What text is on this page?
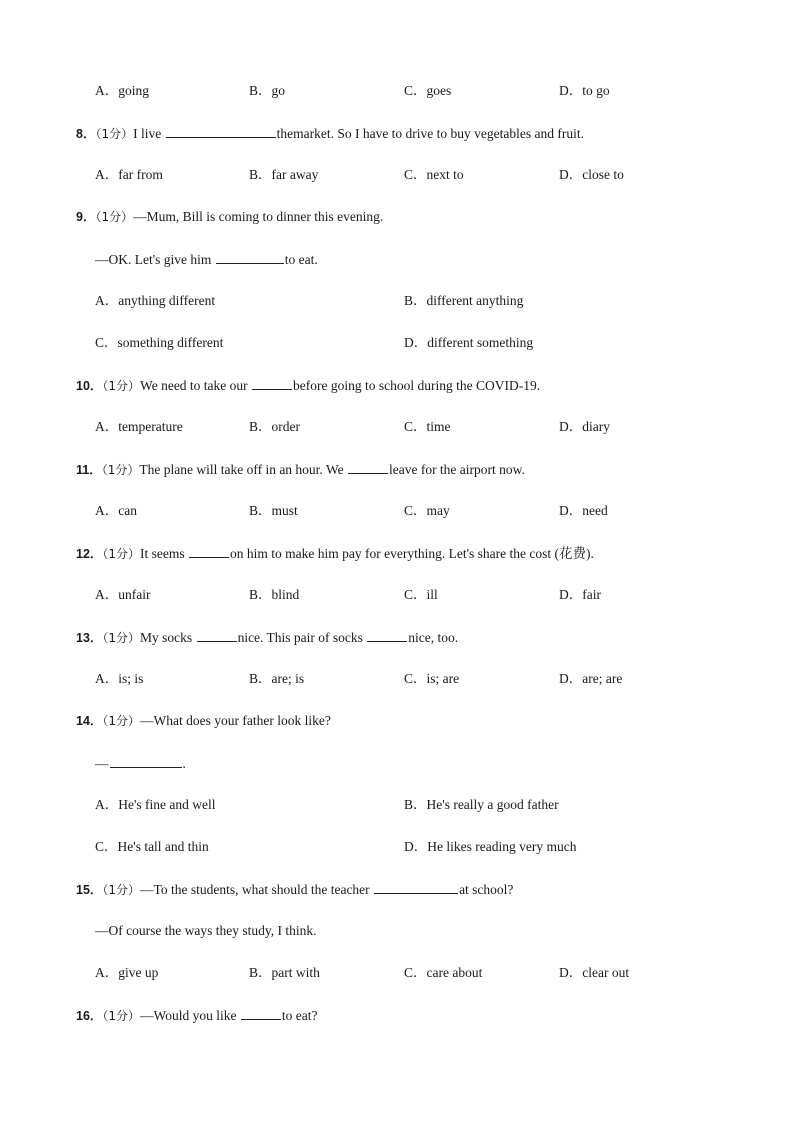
A．going	B．go	C．goes	D．to go
8．（1分）I live	themarket. So I have to drive to buy vegetables and fruit.
A．far from	B．far away	C．next to	D．close to
9．（1分）—Mum, Bill is coming to dinner this evening.
—OK. Let's give him	to eat.
A．anything different	B．different anything
C．something different	D．different something
10．（1分）We need to take our	before going to school during the COVID-19.
A．temperature	B．order	C．time	D．diary
11．（1分）The plane will take off in an hour. We	leave for the airport now.
A．can	B．must	C．may	D．need
12．（1分）It seems	on him to make him pay for everything. Let's share the cost (花费).
A．unfair	B．blind	C．ill	D．fair
13．（1分）My socks	nice. This pair of socks	nice, too.
A．is; is	B．are; is	C．is; are	D．are; are
14．（1分）—What does your father look like?
—	.
A．He's fine and well	B．He's really a good father
C．He's tall and thin	D．He likes reading very much
15．（1分）—To the students, what should the teacher	at school?
—Of course the ways they study, I think.
A．give up	B．part with	C．care about	D．clear out
16．（1分）—Would you like	to eat?
